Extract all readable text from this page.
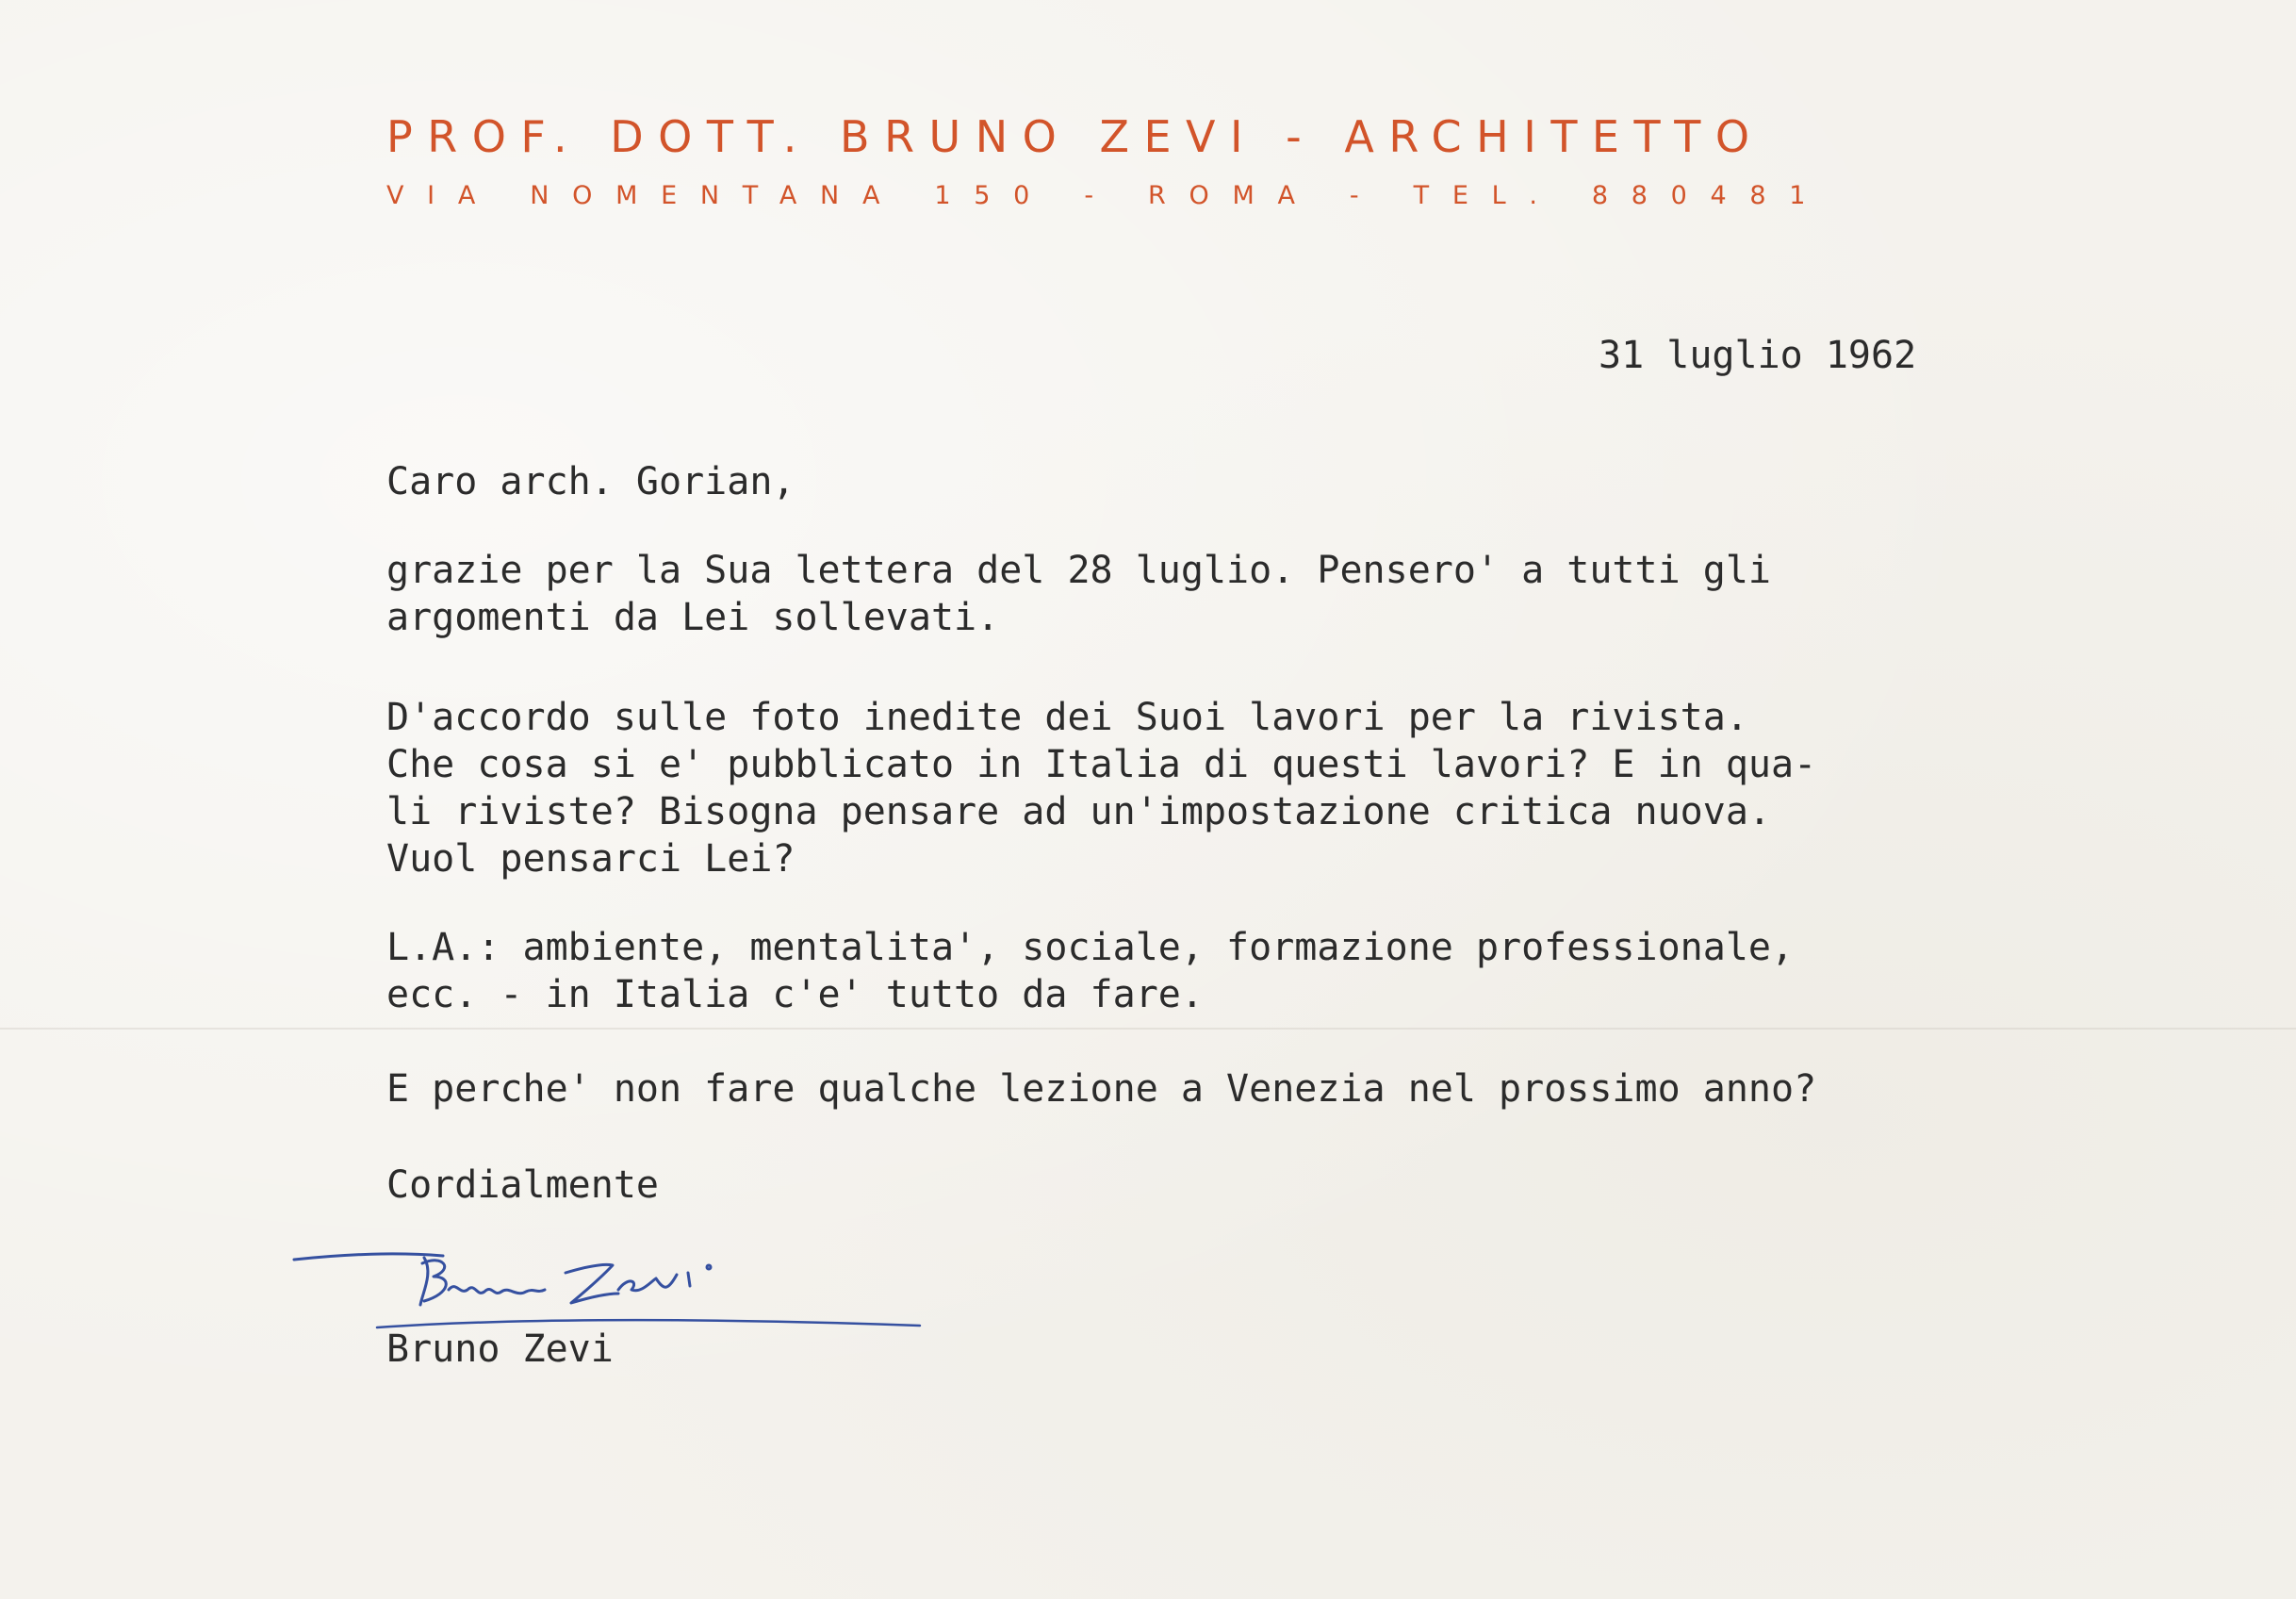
PROF. DOTT. BRUNO ZEVI - ARCHITETTO
VIA NOMENTANA 150 - ROMA - TEL. 880481
31 luglio 1962
Caro arch. Gorian,
grazie per la Sua lettera del 28 luglio. Pensero' a tutti gli
argomenti da Lei sollevati.
D'accordo sulle foto inedite dei Suoi lavori per la rivista.
Che cosa si e' pubblicato in Italia di questi lavori? E in qua-
li riviste? Bisogna pensare ad un'impostazione critica nuova.
Vuol pensarci Lei?
L.A.: ambiente, mentalita', sociale, formazione professionale,
ecc. - in Italia c'e' tutto da fare.
E perche' non fare qualche lezione a Venezia nel prossimo anno?
Cordialmente
Bruno Zevi
